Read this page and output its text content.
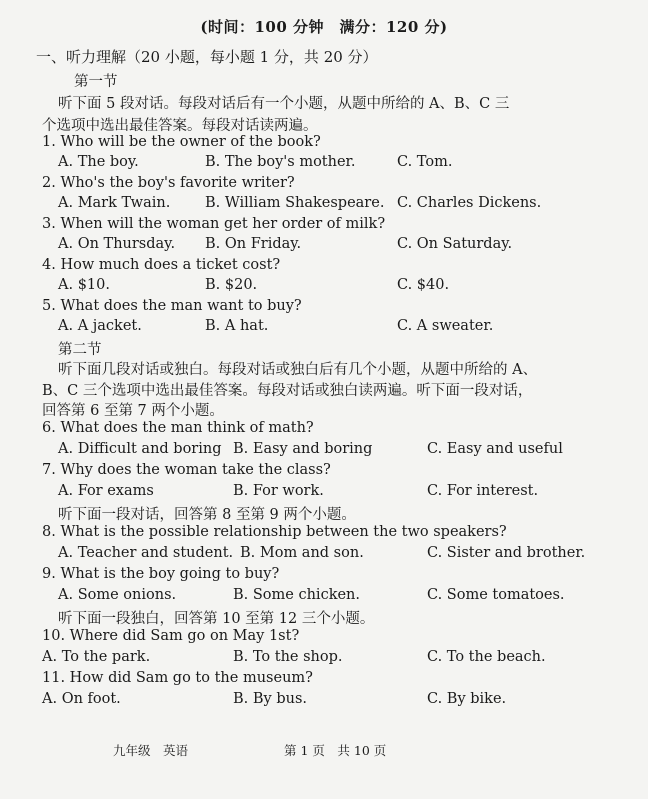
(时间：100 分钟　满分：120 分)
一、听力理解（20 小题，每小题 1 分，共 20 分）
第一节
听下面 5 段对话。每段对话后有一个小题，从题中所给的 A、B、C 三
个选项中选出最佳答案。每段对话读两遍。
1. Who will be the owner of the book?
A. The boy.	B. The boy's mother.	C. Tom.
2. Who's the boy's favorite writer?
A. Mark Twain. B. William Shakespeare. C. Charles Dickens.
3. When will the woman get her order of milk?
A. On Thursday. B. On Friday.	C. On Saturday.
4. How much does a ticket cost?
A. $10.	B. $20.	C. $40.
5. What does the man want to buy?
A. A jacket.	B. A hat.	C. A sweater.
第二节
听下面几段对话或独白。每段对话或独白后有几个小题，从题中所给的 A、
B、C 三个选项中选出最佳答案。每段对话或独白读两遍。听下面一段对话，
回答第 6 至第 7 两个小题。
6. What does the man think of math?
A. Difficult and boring B. Easy and boring	C. Easy and useful
7. Why does the woman take the class?
A. For exams	B. For work.	C. For interest.
听下面一段对话，回答第 8 至第 9 两个小题。
8. What is the possible relationship between the two speakers?
A. Teacher and student. B. Mom and son.	C. Sister and brother.
9. What is the boy going to buy?
A. Some onions.	B. Some chicken.	C. Some tomatoes.
听下面一段独白，回答第 10 至第 12 三个小题。
10. Where did Sam go on May 1st?
A. To the park.	B. To the shop.	C. To the beach.
11. How did Sam go to the museum?
A. On foot.	B. By bus.	C. By bike.
九年级　英语	第 1 页　共 10 页
